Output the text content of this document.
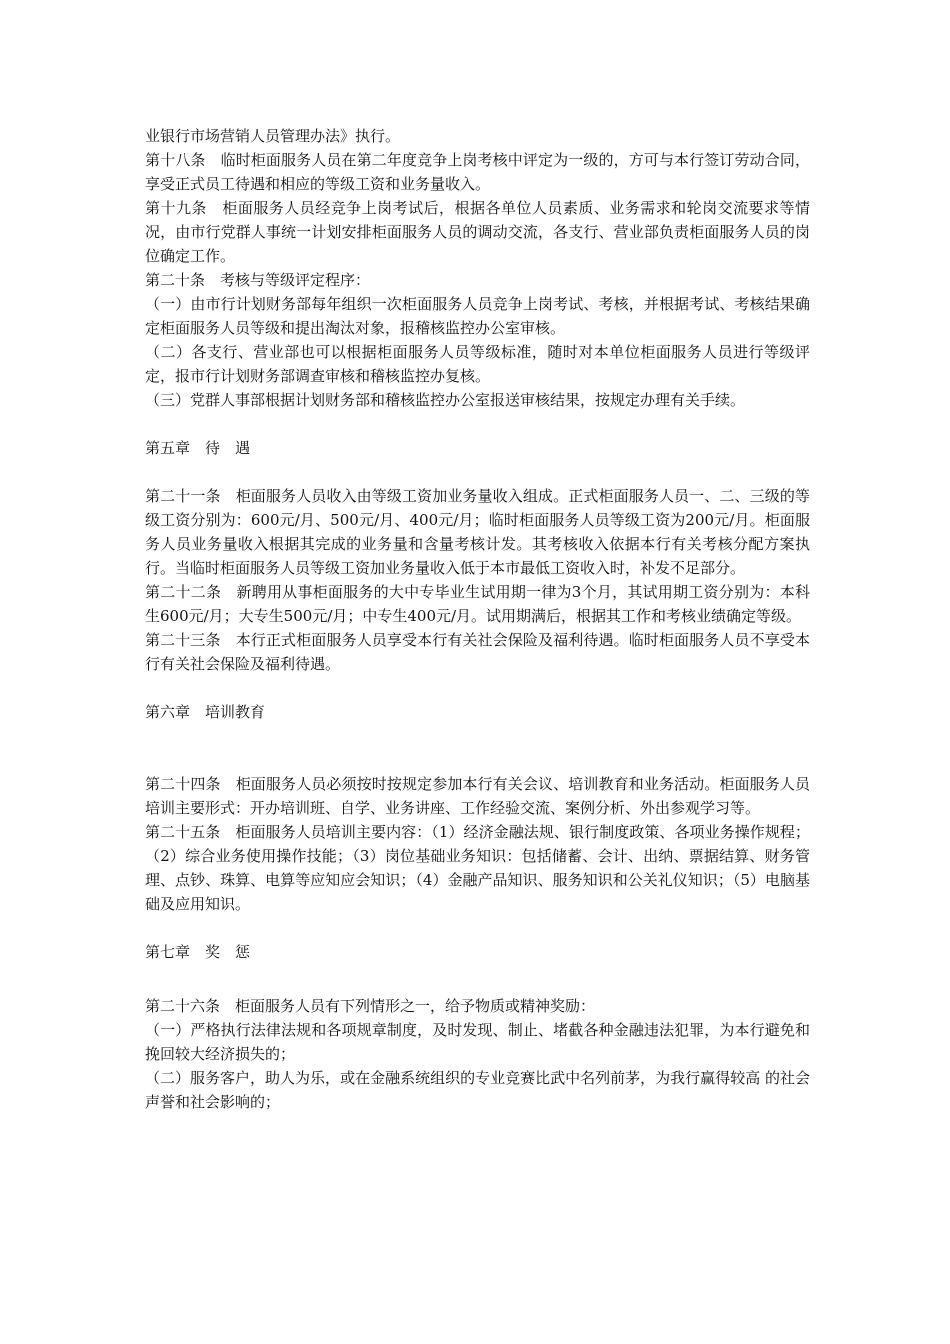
业银行市场营销人员管理办法》执行。

第十八条　临时柜面服务人员在第二年度竞争上岗考核中评定为一级的，方可与本行签订劳动合同，享受正式员工待遇和相应的等级工资和业务量收入。

第十九条　柜面服务人员经竞争上岗考试后，根据各单位人员素质、业务需求和轮岗交流要求等情况，由市行党群人事统一计划安排柜面服务人员的调动交流，各支行、营业部负责柜面服务人员的岗位确定工作。

第二十条　考核与等级评定程序：

（一）由市行计划财务部每年组织一次柜面服务人员竞争上岗考试、考核，并根据考试、考核结果确定柜面服务人员等级和提出淘汰对象，报稽核监控办公室审核。

（二）各支行、营业部也可以根据柜面服务人员等级标准，随时对本单位柜面服务人员进行等级评定，报市行计划财务部调查审核和稽核监控办复核。

（三）党群人事部根据计划财务部和稽核监控办公室报送审核结果，按规定办理有关手续。

第五章　待　遇

第二十一条　柜面服务人员收入由等级工资加业务量收入组成。正式柜面服务人员一、二、三级的等级工资分别为：600元/月、500元/月、400元/月；临时柜面服务人员等级工资为200元/月。柜面服务人员业务量收入根据其完成的业务量和含量考核计发。其考核收入依据本行有关考核分配方案执行。当临时柜面服务人员等级工资加业务量收入低于本市最低工资收入时，补发不足部分。

第二十二条　新聘用从事柜面服务的大中专毕业生试用期一律为3个月，其试用期工资分别为：本科生600元/月；大专生500元/月；中专生400元/月。试用期满后，根据其工作和考核业绩确定等级。

第二十三条　本行正式柜面服务人员享受本行有关社会保险及福利待遇。临时柜面服务人员不享受本行有关社会保险及福利待遇。

第六章　培训教育

第二十四条　柜面服务人员必须按时按规定参加本行有关会议、培训教育和业务活动。柜面服务人员培训主要形式：开办培训班、自学、业务讲座、工作经验交流、案例分析、外出参观学习等。

第二十五条　柜面服务人员培训主要内容：（1）经济金融法规、银行制度政策、各项业务操作规程；（2）综合业务使用操作技能；（3）岗位基础业务知识：包括储蓄、会计、出纳、票据结算、财务管理、点钞、珠算、电算等应知应会知识；（4）金融产品知识、服务知识和公关礼仪知识；（5）电脑基础及应用知识。

第七章　奖　惩

第二十六条　柜面服务人员有下列情形之一，给予物质或精神奖励：

（一）严格执行法律法规和各项规章制度，及时发现、制止、堵截各种金融违法犯罪，为本行避免和挽回较大经济损失的；

（二）服务客户，助人为乐，或在金融系统组织的专业竞赛比武中名列前茅，为我行赢得较高 的社会声誉和社会影响的；
